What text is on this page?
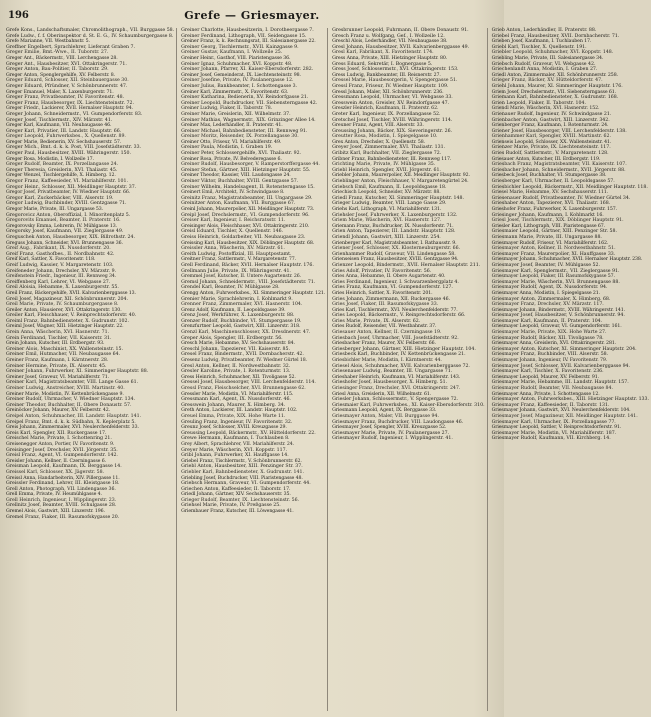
196	Grefe — Griesmayer.

Grefe Kons., Landschaftsmaler, Chromolithograph., VII. Burggasse 58.

Grefe Ludw., f. f. Oberinspektor d. St. E. G., IV. Schaumburgergasse 8.

Grefe Marianne, VII. Westbahnstr. 5.

Greffner Engelbert, Sprachlehrer, Lieferant Graben 7.

Greger Emilie, Bmt.-Wwe., II. Tuborstr. 27.

Greger Ant., Bäckermstr., VIII. Lerchengasse 28.

Greger Ant., Hausbesitzer, XVI. Ottakringerstr. 71.

Greger Anton, Bau-Politier, II. Taborstr. 29.

Greger Anton, Spenglergehilfe, XV. Felberstr. 8.

Greger Eduard, Schlosser, XII. Steinbauergasse 30.

Greger Eduard, Pfründner, V. Schönbrunnerstr. 47.

Greger Emanuel, Maler, X. Laxenburgerstr. 71.

Greger Franz, Privatbeamter, IV. Favoritenstr. 48.

Greger Franz, Hausbesorger, IX. Liechtensteinstr. 72.

Greger Friedr., Lackierer, XVII. Hernalser Hauptstr. 94.

Greger Johann, Schneidermstr., VI. Gumpendorferstr. 83.

Greger Josef, Tischlermstr., XIV. Märzstr. 41.

Greger Karl, Kaufmann, VII. Neubaugasse 46.

Greger Karl, Privatier, III. Landstr. Hauptstr. 66.

Greger Leopold, Fuhrwerksbes., X. Quellenstr. 89.

Greger Marie, Bedienerin, XV. Sechshauserstr. 57.

Greger Mich., Bmt. d. k. k. Post, VIII. Josefstädterstr. 33.

Greger Paul, Hausbesitzer, XVIII. Währingerstr. 150.

Greger Rosa, Modistin, I. Wollzeile 17.

Greger Rudolf, Beamter, IX. Porzellangasse 24.

Greger Theresia, Greislerin, XVI. Thaliastr. 45.

Greger Wenzel, Tischlergehilfe, X. Himberg. 12.

Gregor Franz, Kaffeesieder, VI. Mariahilferstr. 101.

Gregor Heinr., Schlosser, XII. Meidlinger Hauptstr. 37.

Gregor Josef, Privatbeamter, IV. Wiedner Hauptstr. 66.

Gregor Karl, Zuckerbäcker, VIII. Alserstr. 19.

Gregor Ludwig, Buchbinder, XVIII. Gentzgasse 71.

Gregor Marie, Private, III. Ungargasse 53.

Gregorovicz Anton, Oberoffizial, I. Minoritenplatz 5.

Gregorovits Emanuel, Beamter, II. Praterstr. 16.

Gregorovsky Emma, Lehrerin, IV. Mühlgasse 13.

Gregorsky Josef, Kaufmann, VII. Zieglergasse 49.

Greguschek Anton, Hausbesorger, XIX. Billrothstr. 24.

Greguss Johann, Schneider, XVI. Brunnengasse 36.

Greif Aug., Fabrikant, IX. Nussdorferstr. 20.

Greif Franz, Gasthofbes., II. Nordbahnstr. 42.

Greif Karl, Sattler, X. Favoritenstr. 118.

Greif Ludwig, Kassier, V. Margaretenstr. 103.

Greifeneder Johann, Drechsler, XV. Märzstr. 9.

Greifenstein Friedr., Ingenieur, III. Rennweg 34.

Greiffenberg Karl, Lehrer, VI. Webgasse 27.

Greil Aloisia, Hebamme, X. Laxenburgerstr. 55.

Greil Franz, Bäckergehilfe, XVII. Kalvarienberggasse 13.

Greil Josef, Magazineur, XII. Schönbrunnerstr. 204.

Greil Marie, Private, IV. Schaumburgergasse 8.

Greiler Anton, Hausierer, XVI. Ottakringerstr. 130.

Greiler Karl, Fleischhauer, V. Reinprechtsdorferstr. 40.

Greiml Franz, Bahnbediensteter, X. Gudrunstr. 102.

Greiml Josef, Wagner, XIII. Hietzinger Hauptstr. 22.

Grein Anna, Wäscherin, XVI. Hasnerstr. 71.

Grein Ferdinand, Tischler, VII. Kaiserstr. 31.

Grein Johann, Kutscher, III. Erdbergstr. 93.

Greiner Alois, Maschinist, XX. Wallensteinstr. 15.

Greiner Emil, Hutmacher, VII. Neubaugasse 64.

Greiner Franz, Kaufmann, I. Kärntnerstr. 28.

Greiner Hermine, Private, IX. Alserstr. 45.

Greiner Johann, Fuhrwerker, XI. Simmeringer Hauptstr. 88.

Greiner Josef, Graveur, VI. Mariahilferstr. 71.

Greiner Karl, Magistratsbeamter, VIII. Lange Gasse 61.

Greiner Ludwig, Anstreicher, XVIII. Martinstr. 40.

Greiner Marie, Modistin, IV. Kettenbrückengasse 9.

Greiner Rudolf, Uhrmacher, V. Wiedner Hauptstr. 134.

Greiner Theodor, Buchhalter, II. Obere Donaustr. 57.

Greinöcker Johann, Maurer, XV. Felberstr. 42.

Greipel Anton, Schuhmacher, III. Landstr. Hauptstr. 141.

Greipel Franz, Bmt. d. k. k. Südbahn, X. Keplerplatz 5.

Greis Johann, Zimmermaler, XVI. Neulerchenfelderstr. 33.

Greis Karl, Spengler, XII. Ruckergasse 17.

Greischel Marie, Private, I. Schottenring 21.

Greisenegger Anton, Portier, IV. Favoritenstr. 9.

Greisinger Josef, Drechsler, XVII. Jörgerstr. 35.

Greisl Franz, Agent, VI. Gumpendorferstr. 142.

Greisler Johann, Kellner, II. Czerningasse 6.

Greisman Leopold, Kaufmann, IX. Berggasse 14.

Greissel Karl, Schlosser, XX. Jägerstr. 58.

Greissl Anna, Handarbeiterin, XIV. Pillergasse 11.

Greissler Ferdinand, Lehrer, III. Kleistgasse 18.

Grell Anton, Photograph, VII. Lindengasse 36.

Grell Emma, Private, IV. Heumühlgasse 4.

Grell Heinrich, Ingenieur, I. Wipplingerstr. 23.

Grellnitz Josef, Beamter, XVIII. Schulgasse 28.

Gremel Alois, Gastwirt, XIII. Linzerstr. 196.

Gremel Franz, Fiaker, III. Rasumofskygasse 20.

Greiner Charlotte, Hausbesitzerin, I. Dorotheergasse 7.

Greiner Ferdinand, Lithograph, VII. Seidengasse 15.

Greiner Franz, k. k. Rechnungsrat, III. Salesianergasse 22.

Greiner Georg, Tischlermstr., XVII. Kainzgasse 9.

Greiner Gustav, Kaufmann, I. Wollzeile 25.

Greiner Heinr., Gasthof, VIII. Piaristengasse 36.

Greiner Ignaz, Schuhmacher, XVI. Koppstr. 48.

Greiner Johann, Pfarrer, XI. Kaiser-Ebersdorferstr. 282.

Greiner Josef, Gemeinderat, IX. Liechtensteinstr. 98.

Greiner Josefine, Private, IV. Paulanergasse 12.

Greiner Julius, Bankbeamter, I. Schottengasse 3.

Greiner Karl, Zimmermstr., X. Favoritenstr. 63.

Greiner Katharina, Bedienerin, XV. Reindorfgasse 21.

Greiner Leopold, Buchdrucker, VII. Siebensterngasse 42.

Greiner Ludwig, Fiaker, II. Taborstr. 78.

Greiner Marie, Greislerin, XII. Wilhelmstr. 37.

Greiner Mathias, Wagnermstr., XIX. Grinzinger Allee 14.

Greiner Max, Lederhändler, II. Praterstr. 41.

Greiner Michael, Bahnbediensteter, III. Rennweg 91.

Greiner Moritz, Reisender, IX. Porzellangasse 30.

Greiner Otto, Friseur, VI. Mariahilferstr. 49.

Greiner Paula, Modistin, I. Graben 19.

Greiner Peter, Schlossergehilfe, XVI. Thaliastr. 92.

Greiner Rosa, Private, IV. Belvederegasse 6.

Greiner Rudolf, Hausbesorger, V. Ramperstorffergasse 44.

Greiner Stefan, Gärtner, XIII. Hietzinger Hauptstr. 55.

Greiner Theodor, Kassier, VIII. Laudongasse 24.

Greiner Viktor, Buchhalter, XVIII. Gentzgasse 57.

Greiner Wilhelm, Handelsagent, II. Rotensterngasse 15.

Greinert Emil, Architekt, IV. Schwindgasse 8.

Greinitz Franz, Magistratsbeamter, III. Ungargasse 29.

Greinitzer Anton, Kaufmann, VII. Burggasse 67.

Greinl Johann, Maurerpolier, XII. Meidlinger Hauptstr. 73.

Greipl Josef, Drechslermstr., VI. Gumpendorferstr. 96.

Greiser Karl, Ingenieur, I. Reichsratsstr. 11.

Greisinger Alois, Fleischhauer, XVI. Ottakringerstr. 210.

Greisl Eduard, Tischler, X. Quellenstr. 146.

Greiss Heinrich, Goldarbeiter, VII. Neubaugasse 23.

Greissing Karl, Hausbesitzer, XIX. Döblinger Hauptstr. 68.

Greissler Anna, Wäscherin, XV. Märzstr. 61.

Greith Ludwig, Postoffizial, III. Hauptpostamt.

Greitner Franz, Sattlermstr., V. Margaretenstr. 77.

Grell Ferdinand, Bäcker, XVII. Hernalser Hauptstr. 176.

Grellmann Julie, Private, IX. Währingerstr. 41.

Gremmel Josef, Kutscher, II. Untere Augartenstr. 26.

Gremsl Johann, Schneidermstr., VIII. Josefstädterstr. 71.

Grendel Karl, Beamter, IV. Mühlgasse 28.

Grengg Anton, Fuhrwerksbes., XI. Simmeringer Hauptstr. 121.

Grenier Marie, Sprachlehrerin, I. Kohlmarkt 9.

Grenner Franz, Zimmermaler, XVI. Hasnerstr. 104.

Grenz Adolf, Kaufmann, II. Leopoldsgasse 39.

Grenz Josef, Werkführer, X. Laxenburgerstr. 88.

Grenzer Rudolf, Buchbinder, VI. Stumpergasse 19.

Grenzfurtner Leopold, Gastwirt, XIII. Linzerstr. 318.

Grenzl Karl, Maschinenschlosser, XX. Dresdnerstr. 47.

Greper Alois, Spengler, III. Erdbergstr. 56.

Gresch Marie, Hebamme, XV. Sechshauserstr. 84.

Greschl Johann, Tapezierer, VII. Kaiserstr. 85.

Gresel Franz, Bindermstr., XVII. Dornbacherstr. 42.

Gresenz Ludwig, Privatbeamter, IV. Wiedner Gürtel 18.

Gresl Anton, Kellner, II. Nordwestbahnstr. 32.

Gresler Karoline, Private, I. Rotenturmstr. 13.

Gress Heinrich, Schuhmacher, XII. Tivoligasse 52.

Gressel Josef, Hausbesorger, VIII. Lerchenfelderstr. 114.

Gressl Franz, Fleischselcher, XVI. Brunnengasse 62.

Gressler Marie, Modistin, VI. Mariahilferstr. 115.

Gressmann Karl, Agent, IX. Nussdorferstr. 46.

Gresswein Johann, Maurer, X. Himberg. 34.

Greth Anton, Lackierer, III. Landstr. Hauptstr. 102.

Greuel Emma, Private, XIX. Hohe Warte 11.

Greuling Franz, Ingenieur, IV. Favoritenstr. 32.

Greunz Josef, Schlosser, XVIII. Kreuzgasse 29.

Greussing Leopold, Bäckermstr., XV. Hütteldorferstr. 22.

Grewe Hermann, Kaufmann, I. Tuchlauben 8.

Grey Albert, Sprachlehrer, VII. Mariahilferstr. 24.

Greyer Marie, Wäscherin, XVI. Koppstr. 117.

Gribl Johann, Fuhrwerker, XI. Hauffgasse 14.

Griebel Franz, Tischlermstr., V. Schönbrunnerstr. 62.

Griebl Anton, Hausbesitzer, XIII. Penzinger Str. 37.

Griebler Karl, Bahnbediensteter, X. Gudrunstr. 141.

Griebling Josef, Buchdrucker, VIII. Piaristengasse 48.

Griebsch Hermann, Graveur, VI. Gumpendorferstr. 44.

Griechen Anton, Kaffeesieder, II. Taborstr. 17.

Griedl Johann, Gärtner, XIV. Sechshauserstr. 35.

Grieger Rudolf, Beamter, IX. Liechtensteinstr. 56.

Griehsel Marie, Private, IV. Preßgasse 25.

Griembauer Franz, Kutscher, III. Löwengasse 41.

Gresbrunner Leopold, Fuhrmann, II. Obere Donaustr. 91.

Gresch Franz u. Wolfgang, Gef., I. Wollzeile 12.

Greschl Alois, Lederhändler, VII. Neubaugasse 38.

Gresl Johann, Hausbesitzer, XVII. Kalvarienberggasse 49.

Gresl Karl, Fabrikant, X. Favoritenstr. 174.

Gress Anna, Private, XIII. Hietzinger Hauptstr. 80.

Gress Eduard, Sekretär, I. Bognergasse 5.

Gress Josef, Schlossermstr., XVI. Ottakringerstr. 153.

Gress Ludwig, Bankbeamter, III. Reisnerstr. 27.

Gressel Marie, Hausbesorgerin, V. Spengergasse 51.

Gressl Franz, Friseur, IV. Wiedner Hauptstr. 109.

Gressl Johann, Maler, XII. Schönbrunnerstr. 236.

Gressmann Leopold, Uhrmacher, VI. Webgasse 33.

Gresswein Anton, Greisler, XV. Reindorfgasse 47.

Greszler Heinrich, Kaufmann, II. Praterstr. 62.

Greter Karl, Ingenieur, IX. Porzellangasse 52.

Gretschel Josef, Tischler, XVIII. Währingerstr. 114.

Greuner Franz, Agent, VIII. Alserstr. 33.

Greussing Johann, Bäcker, XIX. Sieveringerstr. 26.

Greutter Rosa, Modistin, I. Spiegelgasse 10.

Grex Anton, Drechsler, X. Quellenstr. 58.

Greyer Josef, Zimmermaler, XVI. Thaliastr. 131.

Gribitz Karl, Buchhalter, VII. Zieglergasse 72.

Gribner Franz, Bahnbediensteter, III. Rennweg 117.

Grichting Marie, Private, IV. Mühlgasse 35.

Griebl Heinrich, Spengler, XVII. Jörgerstr. 61.

Griebler Johann, Maurerpolier, XII. Meidlinger Hauptstr. 92.

Grieblinger Anton, Fleischhauer, V. Margaretengürtel 24.

Griebsch Emil, Kaufmann, II. Leopoldsgasse 18.

Griechisch Leopold, Schneider, XV. Märzstr. 88.

Griedl Franz, Kutscher, XI. Simmeringer Hauptstr. 148.

Grieger Ludwig, Beamter, VIII. Lange Gasse 29.

Griehs Karl, Lithograph, VI. Mariahilferstr. 131.

Griehsler Josef, Fuhrwerker, X. Laxenburgerstr. 132.

Griem Marie, Wäscherin, XVI. Hasnerstr. 127.

Griemann Franz, Buchdrucker, IX. Nussdorferstr. 71.

Grien Anton, Tapezierer, III. Landstr. Hauptstr. 128.

Griendl Johann, Gastwirt, XIII. Linzerstr. 254.

Grienberger Karl, Magistratsbeamter, I. Rathausstr. 9.

Griener Josef, Schlosser, XX. Klosterneuburgerstr. 66.

Grienhammer Rudolf, Graveur, VII. Lindengasse 58.

Grienseisen Franz, Hausbesitzer, XVIII. Gentzgasse 94.

Grienzer Leopold, Bindermstr., XVII. Hernalser Hauptstr. 211.

Gries Adolf, Privatier, IV. Favoritenstr. 56.

Gries Anna, Hebamme, II. Obere Augartenstr. 40.

Gries Ferdinand, Ingenieur, I. Schwarzenbergplatz 4.

Gries Franz, Kaufmann, VI. Gumpendorferstr. 127.

Gries Heinrich, Sattler, X. Favoritenstr. 201.

Gries Johann, Zimmermann, XII. Ruckergasse 46.

Gries Josef, Fiaker, III. Rasumofskygasse 33.

Gries Karl, Tischlermstr., XVI. Neulerchenfelderstr. 77.

Gries Leopold, Bäckermstr., V. Reinprechtsdorferstr. 66.

Gries Marie, Private, IX. Alserstr. 62.

Gries Rudolf, Reisender, VII. Westbahnstr. 37.

Griesauer Anton, Kellner, II. Czerningasse 19.

Griesbach Josef, Uhrmacher, VIII. Josefstädterstr. 92.

Griesbacher Franz, Maurer, XV. Felberstr. 66.

Griesberger Johann, Gärtner, XIII. Hietzinger Hauptstr. 104.

Griesbeck Karl, Buchbinder, IV. Kettenbrückengasse 21.

Griesbichler Marie, Modistin, I. Kärntnerstr. 44.

Griesel Alois, Schuhmacher, XVII. Kalvarienberggasse 72.

Griesenauer Ludwig, Beamter, III. Ungargasse 71.

Grieshaber Heinrich, Kaufmann, VI. Mariahilferstr. 143.

Grieshofer Josef, Hausbesorger, X. Himberg. 51.

Griesinger Franz, Drechsler, XVI. Ottakringerstr. 247.

Griesl Anna, Greislerin, XII. Wilhelmstr. 61.

Griesler Johann, Schlossermstr., V. Spengergasse 72.

Griesmaier Karl, Fuhrwerksbes., XI. Kaiser-Ebersdorferstr. 310.

Griesmann Leopold, Agent, IX. Berggasse 33.

Griesmayer Anton, Maler, VII. Burggasse 94.

Griesmayer Franz, Buchdrucker, VIII. Laudongasse 46.

Griesmayer Josef, Spengler, XVIII. Kreuzgasse 52.

Griesmayer Marie, Private, IV. Paulanergasse 27.

Griesmayer Rudolf, Ingenieur, I. Wipplingerstr. 41.

Grieb Anton, Lederhändler, II. Praterstr. 88.

Griebel Franz, Hausbesitzer, XVII. Dornbacherstr. 71.

Grieben Josef, Kaufmann, I. Tuchlauben 17.

Griebl Karl, Tischler, X. Quellenstr. 191.

Griebler Leopold, Schuhmacher, XVI. Koppstr. 148.

Griebling Marie, Private, III. Salesianergasse 34.

Griebsch Rudolf, Graveur, VI. Webgasse 42.

Griechenlandt Anna, Modistin, I. Graben 27.

Griedl Anton, Zimmermaler, XII. Schönbrunnerstr. 258.

Grieger Franz, Bäcker, XV. Hütteldorferstr. 47.

Griehl Johann, Maurer, XI. Simmeringer Hauptstr. 176.

Griem Josef, Drechslermstr., VII. Siebensterngasse 61.

Griemann Karl, Bahnbediensteter, X. Gudrunstr. 168.

Grien Leopold, Fiaker, II. Taborstr. 104.

Griendl Marie, Wäscherin, XVI. Hasnerstr. 152.

Grienauer Rudolf, Ingenieur, IV. Schwindgasse 21.

Grienbacher Anton, Gastwirt, XIII. Linzerstr. 342.

Grienberger Franz, Kaufmann, I. Rotenturmstr. 24.

Griener Josef, Hausbesorger, VIII. Lerchenfelderstr. 138.

Grienhammer Karl, Spengler, XVIII. Martinstr. 62.

Grienseis Leopold, Schlosser, XX. Wallensteinstr. 41.

Grienzer Marie, Private, IX. Liechtensteinstr. 117.

Gries Rudolf, Sattlermstr., V. Margaretenstr. 128.

Griesauer Anton, Kutscher, III. Erdbergstr. 119.

Griesbach Franz, Magistratsbeamter, VII. Kaiserstr. 107.

Griesbacher Johann, Schneidermstr., XVII. Jörgerstr. 88.

Griesbeck Josef, Buchhalter, VI. Stumpergasse 38.

Griesberger Karl, Uhrmacher, II. Leopoldsgasse 57.

Griesbichler Leopold, Bäckermstr., XII. Meidlinger Hauptstr. 118.

Griesel Marie, Hebamme, XV. Sechshauserstr. 111.

Griesenauer Rudolf, Privatbeamter, IV. Wiedner Gürtel 34.

Grieshaber Anton, Tapezierer, XVI. Thaliastr. 168.

Grieshofer Franz, Fuhrwerker, X. Laxenburgerstr. 157.

Griesinger Johann, Kaufmann, I. Kohlmarkt 16.

Griesl Josef, Tischlermstr., XIX. Döblinger Hauptstr. 91.

Griesler Karl, Lithograph, VIII. Piaristengasse 67.

Griesmaier Leopold, Gärtner, XIII. Penzinger Str. 58.

Griesmann Marie, Private, III. Ungargasse 88.

Griesmayer Rudolf, Friseur, VI. Mariahilferstr. 162.

Griesmayer Anton, Kellner, II. Nordwestbahnstr. 51.

Griesmayer Franz, Maurerpolier, XI. Hauffgasse 33.

Griesmayer Johann, Schuhmacher, XVII. Hernalser Hauptstr. 238.

Griesmayer Josef, Beamter, IV. Mühlgasse 52.

Griesmayer Karl, Spenglermstr., VII. Zieglergasse 91.

Griesmayer Leopold, Fiaker, III. Rasumofskygasse 57.

Griesmayer Marie, Wäscherin, XVI. Brunnengasse 88.

Griesmayer Rudolf, Agent, IX. Nussdorferstr. 94.

Griesmayer Anna, Modistin, I. Spiegelgasse 21.

Griesmayer Anton, Zimmermaler, X. Himberg. 68.

Griesmayer Franz, Drechsler, XV. Märzstr. 117.

Griesmayer Johann, Bindermstr., XVIII. Währingerstr. 141.

Griesmayer Josef, Hausbesitzer, V. Schönbrunnerstr. 94.

Griesmayer Karl, Kaufmann, II. Praterstr. 104.

Griesmayer Leopold, Graveur, VI. Gumpendorferstr. 161.

Griesmayer Marie, Private, XIX. Hohe Warte 27.

Griesmayer Rudolf, Bäcker, XII. Tivoligasse 78.

Griesmayer Anna, Greislerin, XVI. Ottakringerstr. 281.

Griesmayer Anton, Kutscher, XI. Simmeringer Hauptstr. 204.

Griesmayer Franz, Buchbinder, VIII. Alserstr. 58.

Griesmayer Johann, Ingenieur, IV. Favoritenstr. 79.

Griesmayer Josef, Schlosser, XVII. Kalvarienberggasse 94.

Griesmayer Karl, Tischler, X. Favoritenstr. 236.

Griesmayer Leopold, Maurer, XV. Felberstr. 91.

Griesmayer Marie, Hebamme, III. Landstr. Hauptstr. 157.

Griesmayer Rudolf, Beamter, VII. Neubaugasse 84.

Griesmayer Anna, Private, I. Schottengasse 12.

Griesmayer Anton, Fuhrwerksbes., XIII. Hietzinger Hauptstr. 133.

Griesmayer Franz, Kaffeesieder, II. Taborstr. 131.

Griesmayer Johann, Gastwirt, XVI. Neulerchenfelderstr. 104.

Griesmayer Josef, Magazineur, XII. Meidlinger Hauptstr. 141.

Griesmayer Karl, Uhrmacher, IX. Porzellangasse 77.

Griesmayer Leopold, Sattler, V. Reinprechtsdorferstr. 91.

Griesmayer Marie, Modistin, VI. Mariahilferstr. 187.

Griesmayer Rudolf, Kaufmann, VII. Kirchberg. 14.
